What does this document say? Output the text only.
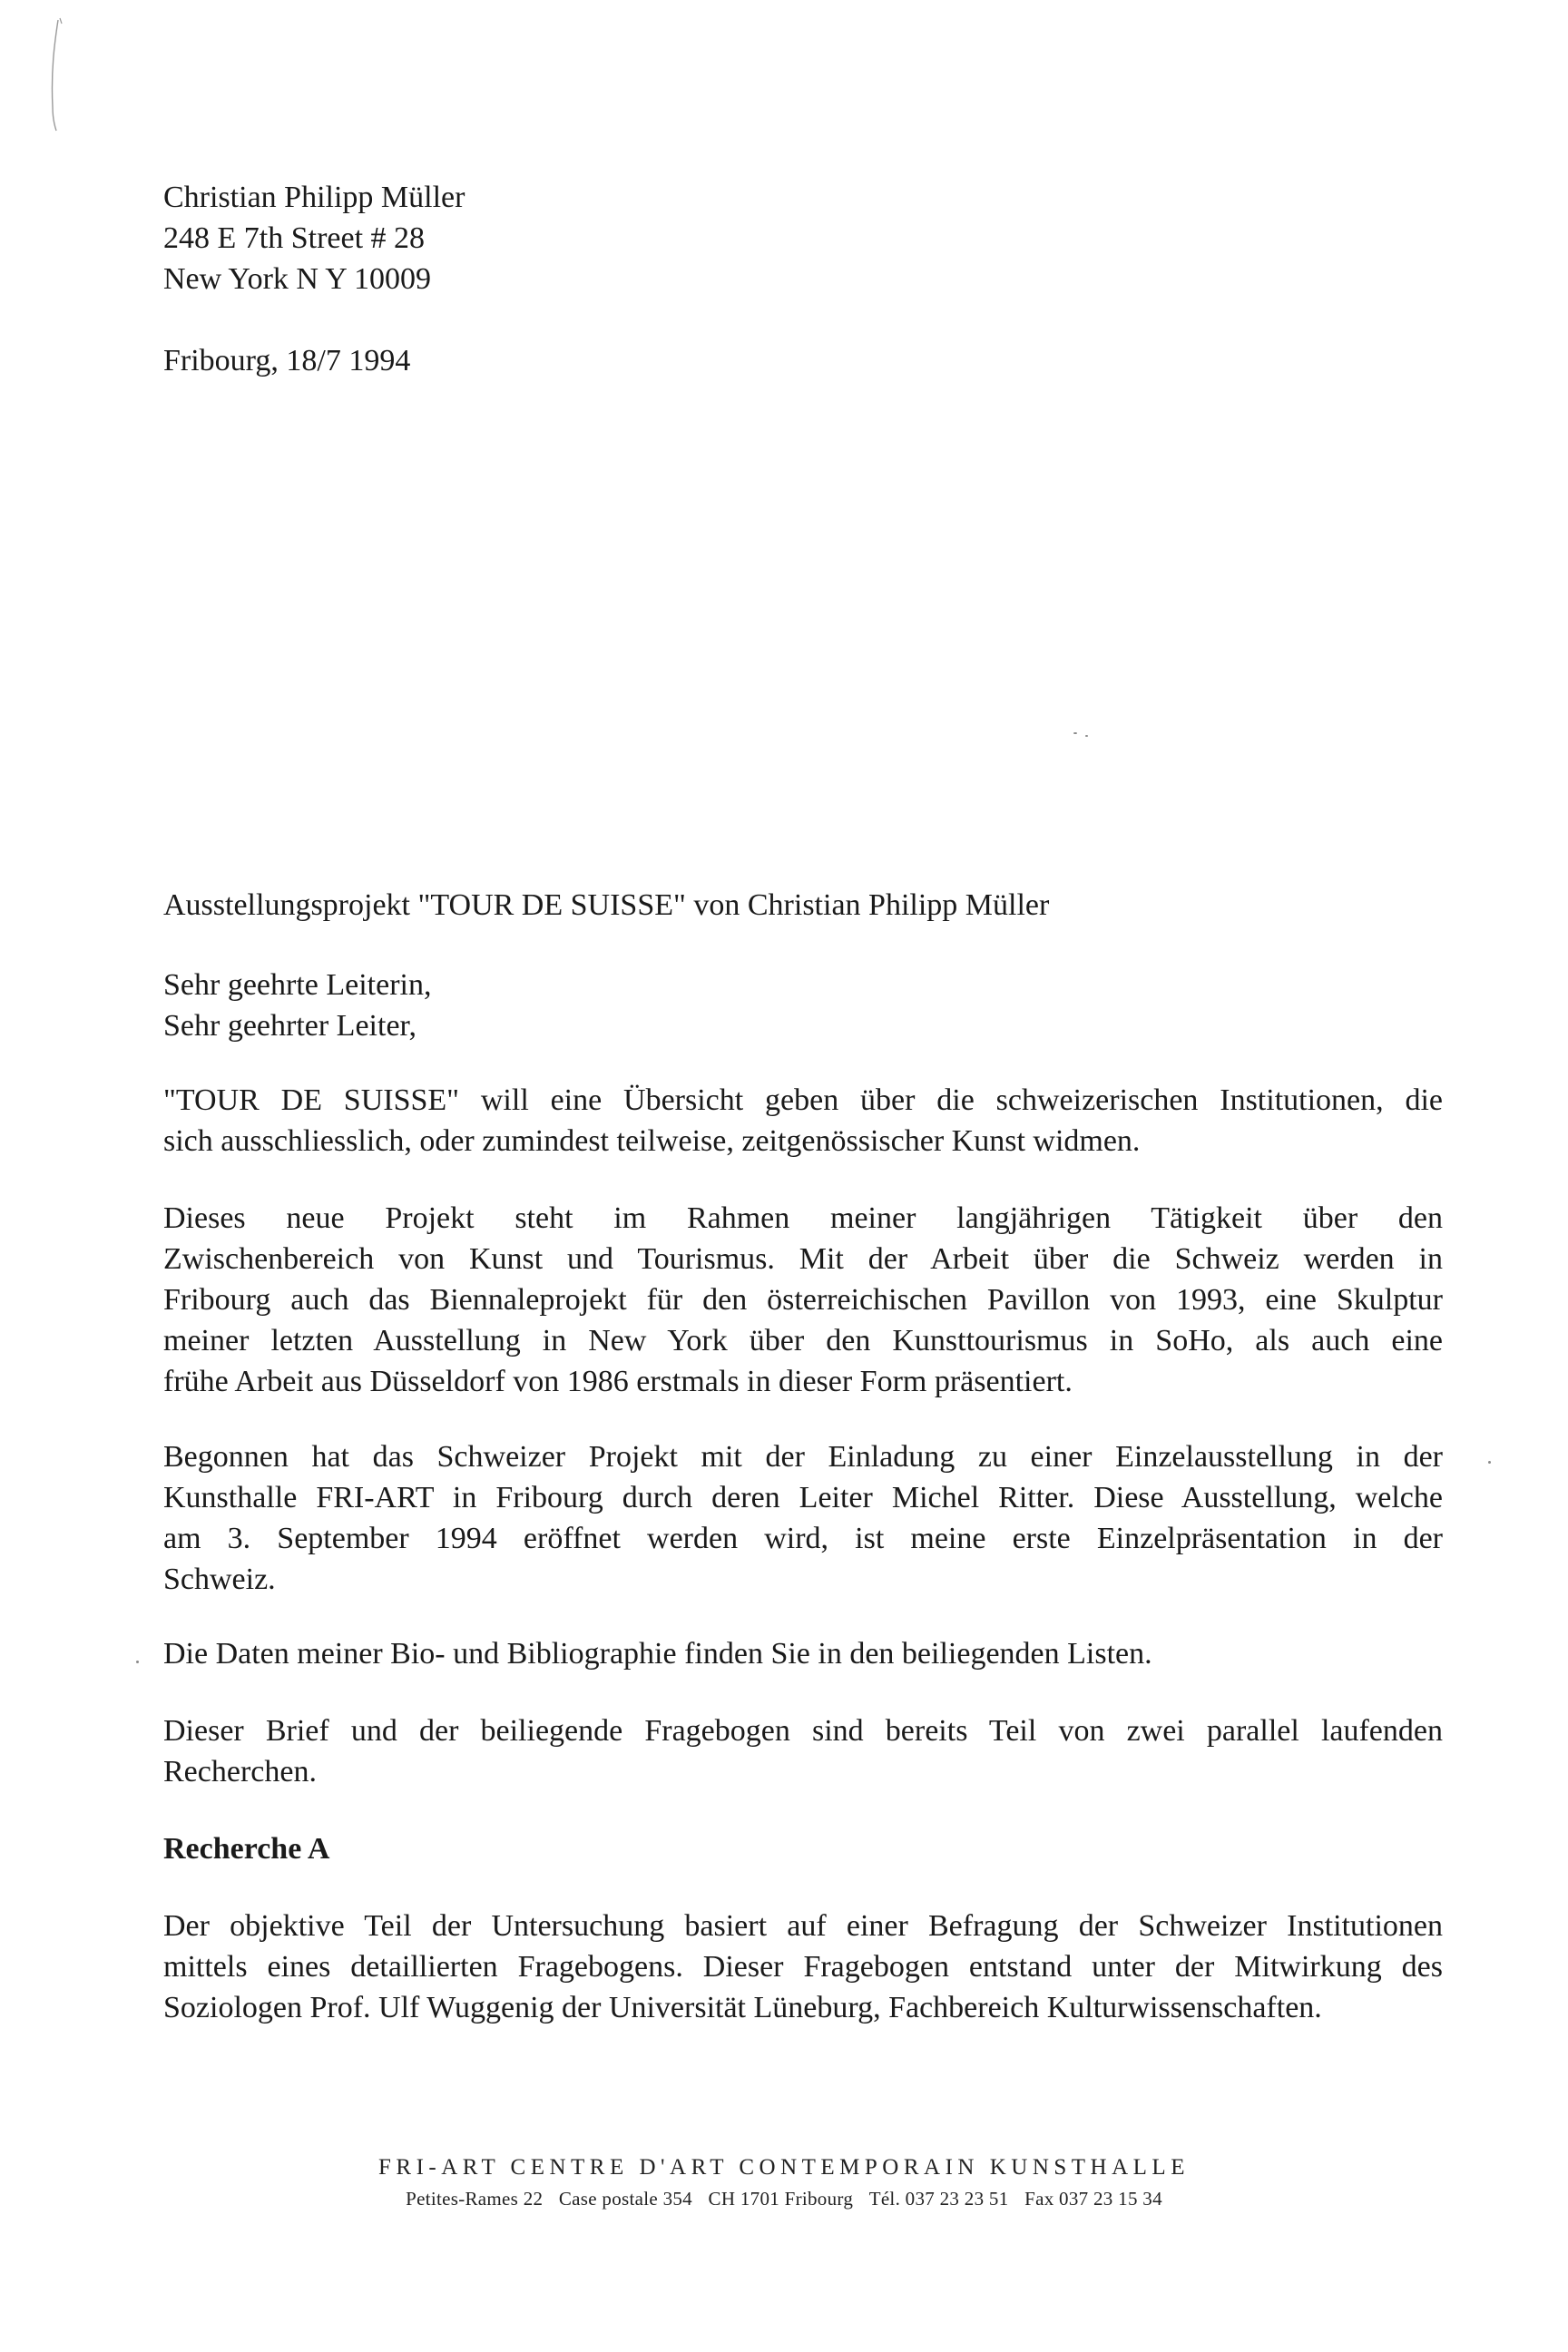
Christian Philipp Müller
248 E 7th Street # 28
New York N Y 10009
Fribourg, 18/7 1994
Ausstellungsprojekt "TOUR DE SUISSE" von Christian Philipp Müller
Sehr geehrte Leiterin,
Sehr geehrter Leiter,
"TOUR DE SUISSE" will eine Übersicht geben über die schweizerischen Institutionen, die
sich ausschliesslich, oder zumindest teilweise, zeitgenössischer Kunst widmen.
Dieses neue Projekt steht im Rahmen meiner langjährigen Tätigkeit über den
Zwischenbereich von Kunst und Tourismus. Mit der Arbeit über die Schweiz werden in
Fribourg auch das Biennaleprojekt für den österreichischen Pavillon von 1993, eine Skulptur
meiner letzten Ausstellung in New York über den Kunsttourismus in SoHo, als auch eine
frühe Arbeit aus Düsseldorf von 1986 erstmals in dieser Form präsentiert.
Begonnen hat das Schweizer Projekt mit der Einladung zu einer Einzelausstellung in der
Kunsthalle FRI-ART in Fribourg durch deren Leiter Michel Ritter. Diese Ausstellung, welche
am 3. September 1994 eröffnet werden wird, ist meine erste Einzelpräsentation in der
Schweiz.
Die Daten meiner Bio- und Bibliographie finden Sie in den beiliegenden Listen.
Dieser Brief und der beiliegende Fragebogen sind bereits Teil von zwei parallel laufenden
Recherchen.
Recherche A
Der objektive Teil der Untersuchung basiert auf einer Befragung der Schweizer Institutionen
mittels eines detaillierten Fragebogens. Dieser Fragebogen entstand unter der Mitwirkung des
Soziologen Prof. Ulf Wuggenig der Universität Lüneburg, Fachbereich Kulturwissenschaften.
FRI-ART CENTRE D'ART CONTEMPORAIN KUNSTHALLE
Petites-Rames 22 Case postale 354 CH 1701 Fribourg Tél. 037 23 23 51 Fax 037 23 15 34
